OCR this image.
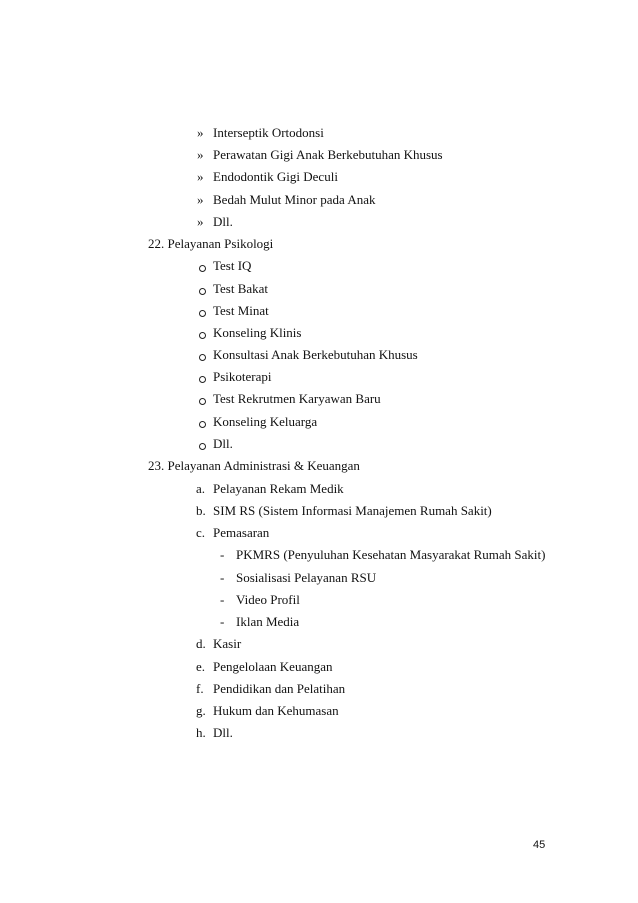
» Interseptik Ortodonsi
» Perawatan Gigi Anak Berkebutuhan Khusus
» Endodontik Gigi Deculi
» Bedah Mulut Minor pada Anak
» Dll.
22. Pelayanan Psikologi
Test IQ
Test Bakat
Test Minat
Konseling Klinis
Konsultasi Anak Berkebutuhan Khusus
Psikoterapi
Test Rekrutmen Karyawan Baru
Konseling Keluarga
Dll.
23. Pelayanan Administrasi & Keuangan
a. Pelayanan Rekam Medik
b. SIM RS (Sistem Informasi Manajemen Rumah Sakit)
c. Pemasaran
- PKMRS (Penyuluhan Kesehatan Masyarakat Rumah Sakit)
- Sosialisasi Pelayanan RSU
- Video Profil
- Iklan Media
d. Kasir
e. Pengelolaan Keuangan
f. Pendidikan dan Pelatihan
g. Hukum dan Kehumasan
h. Dll.
45
